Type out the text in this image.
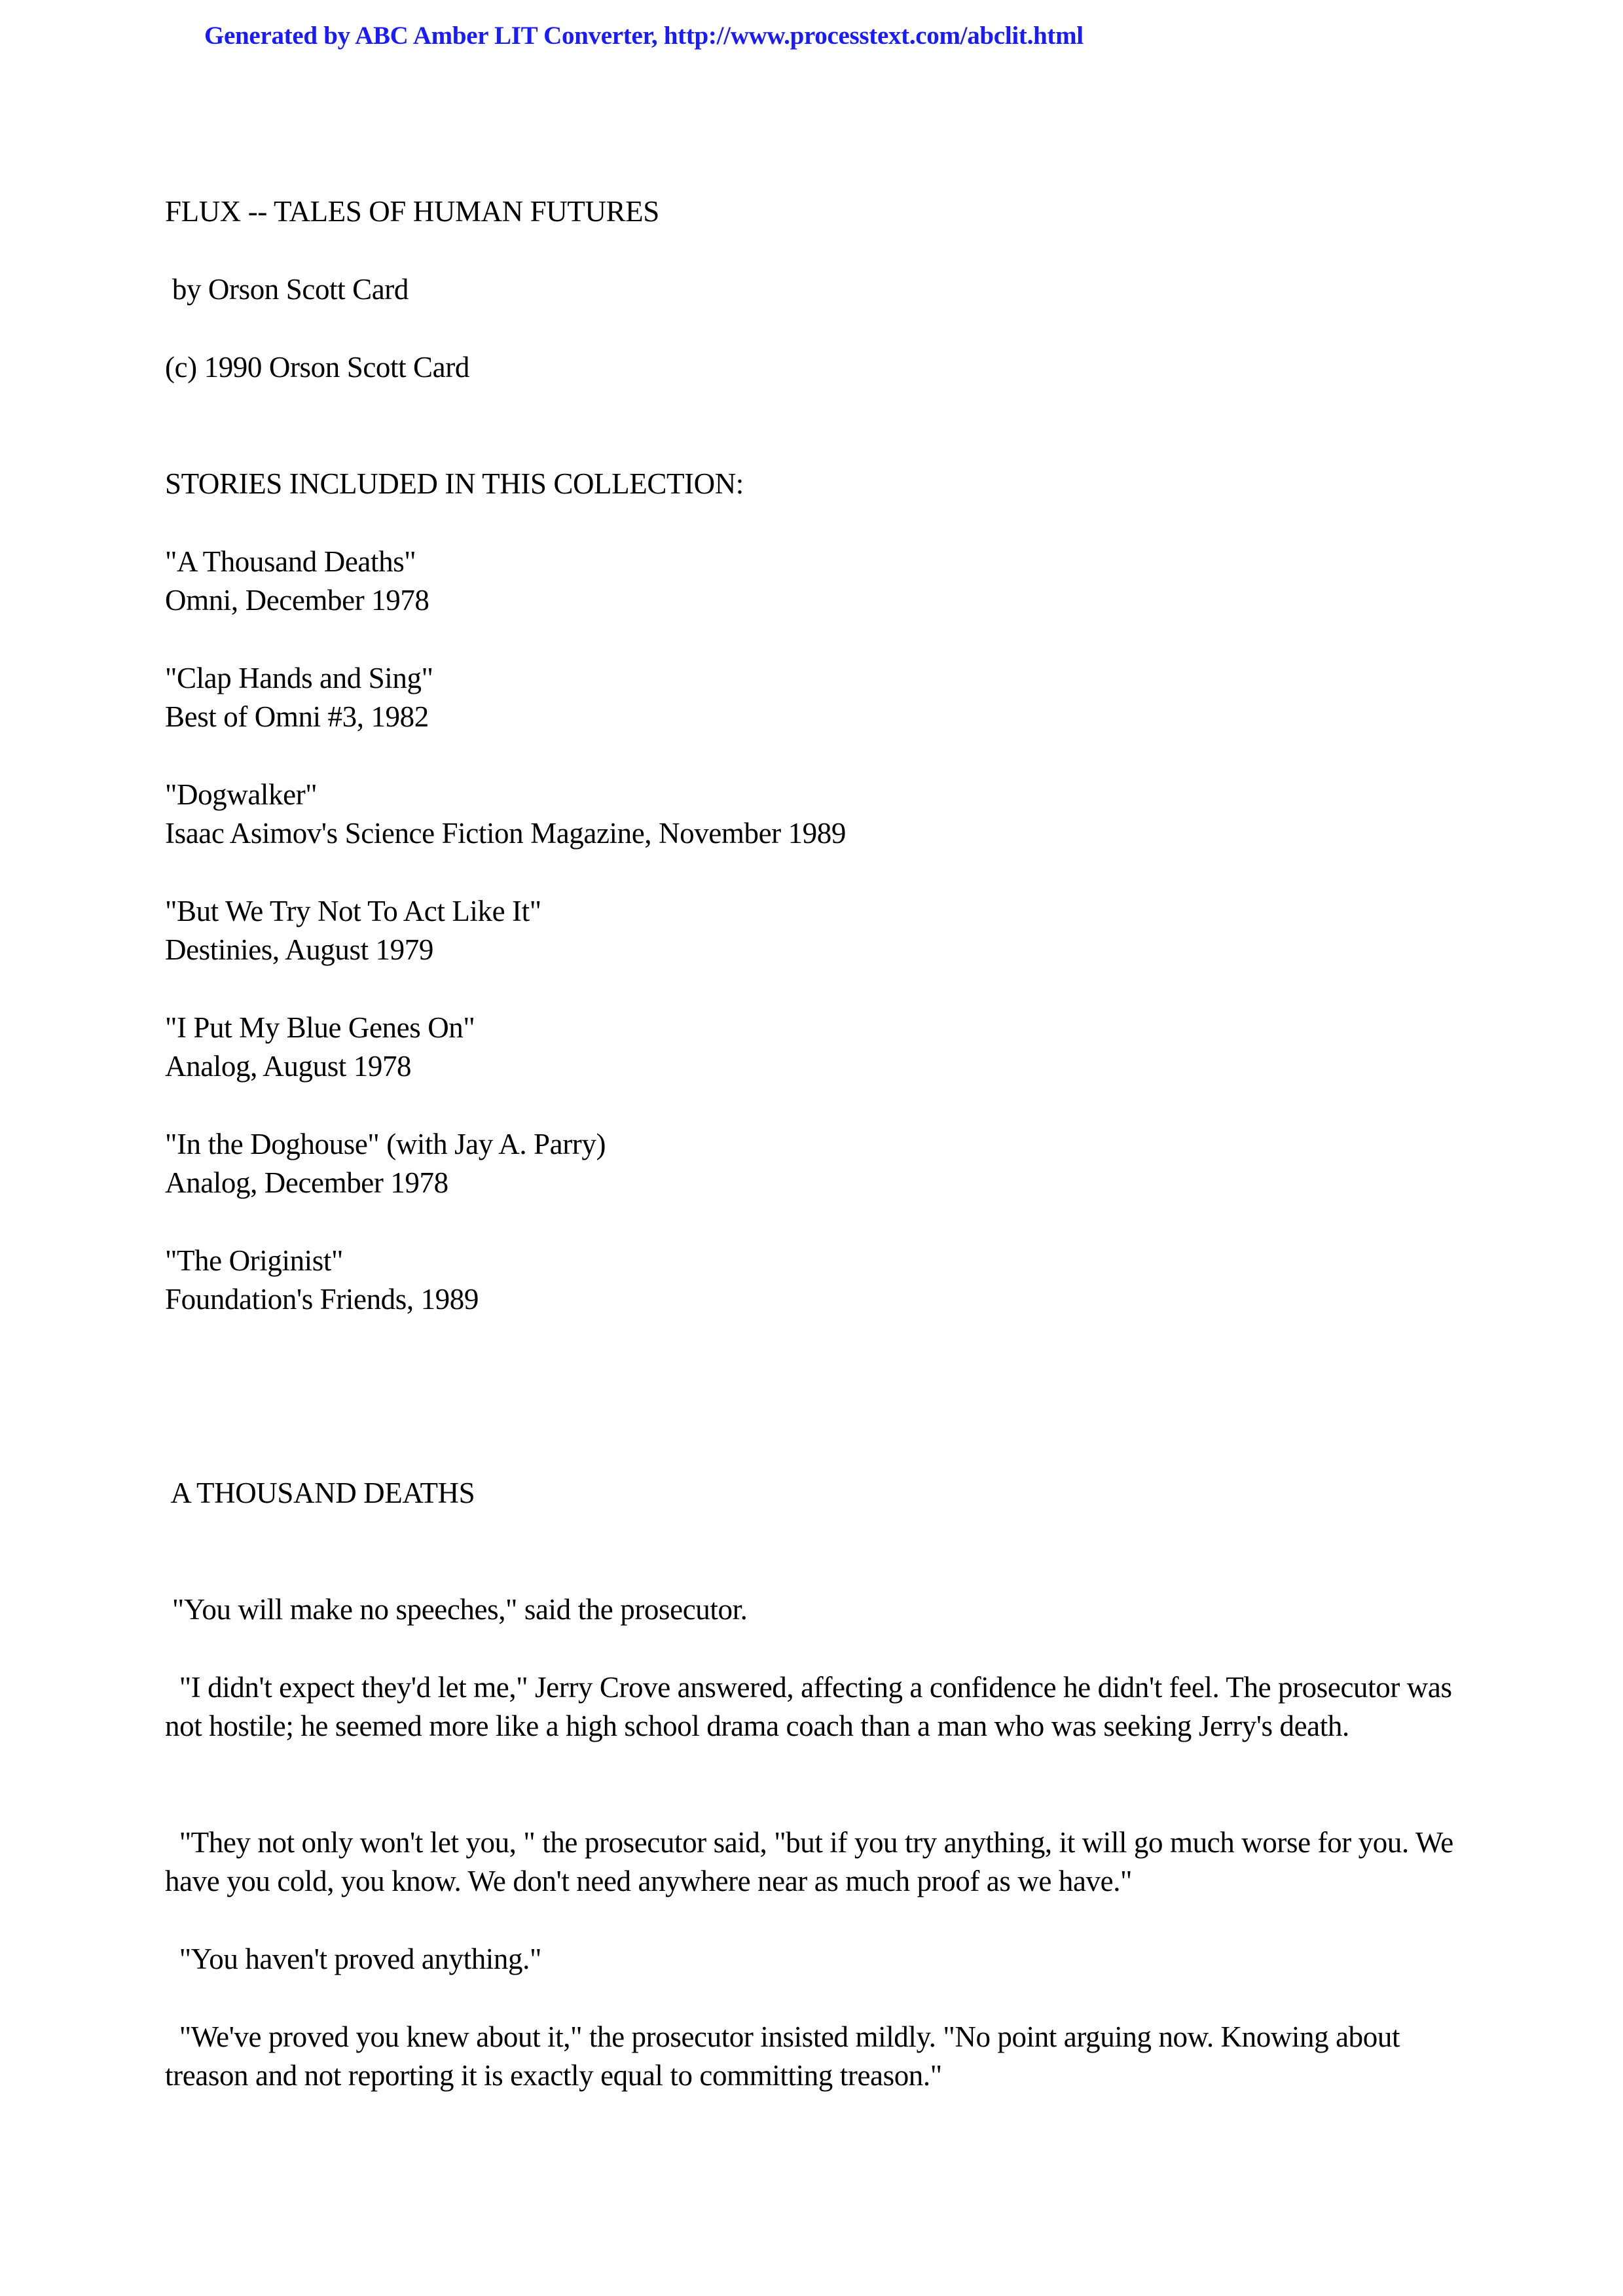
Generated by ABC Amber LIT Converter, http://www.processtext.com/abclit.html
FLUX -- TALES OF HUMAN FUTURES
by Orson Scott Card
(c) 1990 Orson Scott Card
STORIES INCLUDED IN THIS COLLECTION:
"A Thousand Deaths"
Omni, December 1978
"Clap Hands and Sing"
Best of Omni #3, 1982
"Dogwalker"
Isaac Asimov's Science Fiction Magazine, November 1989
"But We Try Not To Act Like It"
Destinies, August 1979
"I Put My Blue Genes On"
Analog, August 1978
"In the Doghouse" (with Jay A. Parry)
Analog, December 1978
"The Originist"
Foundation's Friends, 1989
A THOUSAND DEATHS
"You will make no speeches," said the prosecutor.
"I didn't expect they'd let me," Jerry Crove answered, affecting a confidence he didn't feel. The prosecutor was not hostile; he seemed more like a high school drama coach than a man who was seeking Jerry's death.
"They not only won't let you, " the prosecutor said, "but if you try anything, it will go much worse for you. We have you cold, you know. We don't need anywhere near as much proof as we have."
"You haven't proved anything."
"We've proved you knew about it," the prosecutor insisted mildly. "No point arguing now. Knowing about treason and not reporting it is exactly equal to committing treason."
